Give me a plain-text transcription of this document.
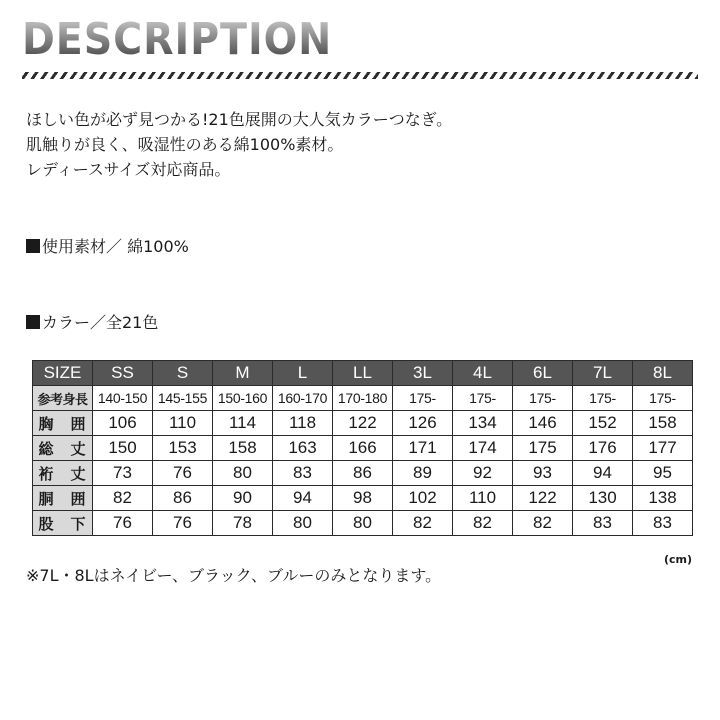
DESCRIPTION
ほしい色が必ず見つかる!21色展開の大人気カラーつなぎ。
肌触りが良く、吸湿性のある綿100%素材。
レディースサイズ対応商品。
使用素材／ 綿100%
カラー／全21色
SIZE	SS	S	M	L	LL	3L	4L	6L	7L	8L
参考身長	140-150	145-155	150-160	160-170	170-180	175-	175-	175-	175-	175-
胸　囲	106	110	114	118	122	126	134	146	152	158
総　丈	150	153	158	163	166	171	174	175	176	177
裄　丈	73	76	80	83	86	89	92	93	94	95
胴　囲	82	86	90	94	98	102	110	122	130	138
股　下	76	76	78	80	80	82	82	82	83	83
(cm)
※7L・8Lはネイビー、ブラック、ブルーのみとなります。
